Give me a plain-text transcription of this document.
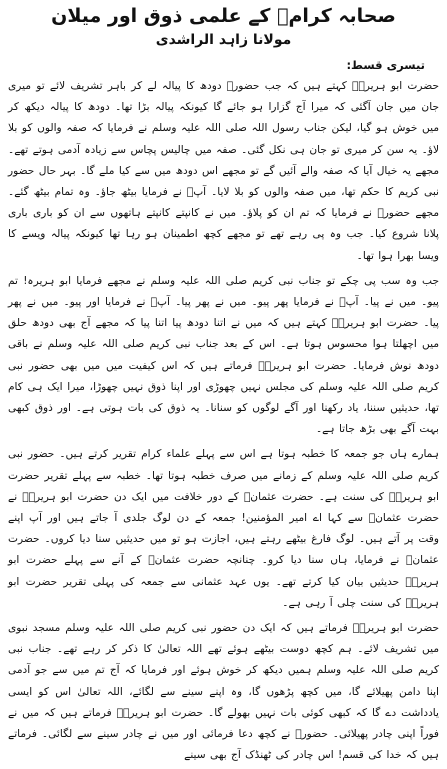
صحابہ کرامؓ کے علمی ذوق اور میلان
مولانا زاہد الراشدی
تیسری قسط:

حضرت ابو ہریرہؓ کہتے ہیں کہ جب حضورؐ دودھ کا پیالہ لے کر باہر تشریف لائے تو میری جان میں جان آگئی کہ میرا آج گزارا ہو جائے گا کیونکہ پیالہ بڑا تھا۔ دودھ کا پیالہ دیکھ کر میں خوش ہو گیا، لیکن جناب رسول اللہ صلی اللہ علیہ وسلم نے فرمایا کہ صفہ والوں کو بلا لاؤ۔ یہ سن کر میری تو جان ہی نکل گئی۔ صفہ میں چالیس پچاس سے زیادہ آدمی ہوتے تھے۔ مجھے یہ خیال آیا کہ صفہ والے آئیں گے تو مجھے اس دودھ میں سے کیا ملے گا۔ بہر حال حضور نبی کریم کا حکم تھا، میں صفہ والوں کو بلا لایا۔ آپؐ نے فرمایا بیٹھ جاؤ۔ وہ تمام بیٹھ گئے۔ مجھے حضورؐ نے فرمایا کہ تم ان کو پلاؤ۔ میں نے کانپتے کانپتے ہاتھوں سے ان کو باری باری پلانا شروع کیا۔ جب وہ پی رہے تھے تو مجھے کچھ اطمینان ہو رہا تھا کیونکہ پیالہ ویسے کا ویسا بھرا ہوا تھا۔

جب وہ سب پی چکے تو جناب نبی کریم صلی اللہ علیہ وسلم نے مجھے فرمایا ابو ہریرہ! تم پیو۔ میں نے پیا۔ آپؐ نے فرمایا پھر پیو۔ میں نے پھر پیا۔ آپؐ نے فرمایا اور پیو۔ میں نے پھر پیا۔ حضرت ابو ہریرہؓ کہتے ہیں کہ میں نے اتنا دودھ پیا اتنا پیا کہ مجھے آج بھی دودھ حلق میں اچھلتا ہوا محسوس ہوتا ہے۔ اس کے بعد جناب نبی کریم صلی اللہ علیہ وسلم نے باقی دودھ نوش فرمایا۔ حضرت ابو ہریرہؓ فرماتے ہیں کہ اس کیفیت میں میں بھی حضور نبی کریم صلی اللہ علیہ وسلم کی مجلس نہیں چھوڑی اور اپنا ذوق نہیں چھوڑا، میرا ایک ہی کام تھا، حدیثیں سننا، یاد رکھنا اور آگے لوگوں کو سنانا۔ یہ ذوق کی بات ہوتی ہے۔ اور ذوق کبھی بہت آگے بھی بڑھ جاتا ہے۔

ہمارے ہاں جو جمعہ کا خطبہ ہوتا ہے اس سے پہلے علماء کرام تقریر کرتے ہیں۔ حضور نبی کریم صلی اللہ علیہ وسلم کے زمانے میں صرف خطبہ ہوتا تھا۔ خطبہ سے پہلے تقریر حضرت ابو ہریرہؓ کی سنت ہے۔ حضرت عثمانؓ کے دور خلافت میں ایک دن حضرت ابو ہریرہؓ نے حضرت عثمانؓ سے کہا اے امیر المؤمنین! جمعہ کے دن لوگ جلدی آ جاتے ہیں اور آپ اپنے وقت پر آتے ہیں۔ لوگ فارغ بیٹھے رہتے ہیں، اجازت ہو تو میں حدیثیں سنا دیا کروں۔ حضرت عثمانؓ نے فرمایا، ہاں سنا دیا کرو۔ چنانچہ حضرت عثمانؓ کے آنے سے پہلے حضرت ابو ہریرہؓ حدیثیں بیان کیا کرتے تھے۔ یوں عہد عثمانی سے جمعہ کی پہلی تقریر حضرت ابو ہریرہؓ کی سنت چلی آ رہی ہے۔

حضرت ابو ہریرہؓ فرماتے ہیں کہ ایک دن حضور نبی کریم صلی اللہ علیہ وسلم مسجد نبوی میں تشریف لائے۔ ہم کچھ دوست بیٹھے ہوئے تھے اللہ تعالیٰ کا ذکر کر رہے تھے۔ جناب نبی کریم صلی اللہ علیہ وسلم ہمیں دیکھ کر خوش ہوئے اور فرمایا کہ آج تم میں سے جو آدمی اپنا دامن پھیلائے گا، میں کچھ پڑھوں گا، وہ اپنے سینے سے لگائے، اللہ تعالیٰ اس کو ایسی یادداشت دے گا کہ کبھی کوئی بات نہیں بھولے گا۔ حضرت ابو ہریرہؓ فرماتے ہیں کہ میں نے فوراً اپنی چادر پھیلائی۔ حضورؐ نے کچھ دعا فرمائی اور میں نے چادر سینے سے لگائی۔ فرماتے ہیں کہ خدا کی قسم! اس چادر کی ٹھنڈک آج بھی سینے
